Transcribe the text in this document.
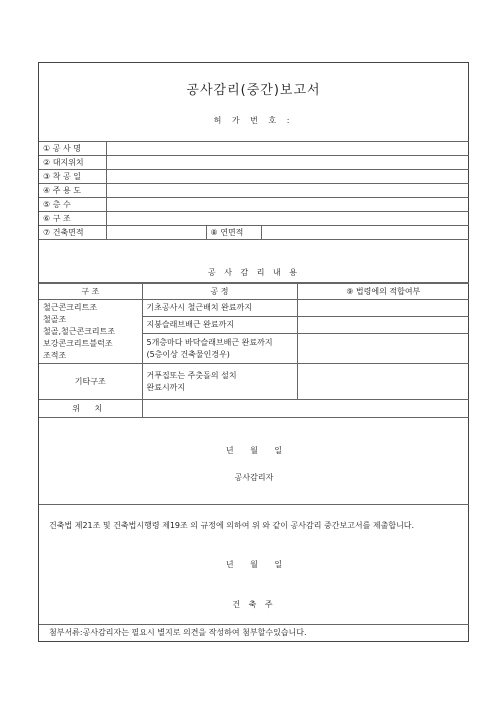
공사감리(중간)보고서
허 가 번 호 :
① 공 사 명			
② 대지위치			
③ 착 공 일			
④ 주 용 도			
⑤ 층 수			
⑥ 구 조			
⑦ 건축면적		⑧ 연면적	
공 사 감 리 내 용
구 조	공 정	⑨ 법령에의 적합여부

철근콘크리트조
철골조
철골,철근콘크리트조
보강콘크리트블럭조
조적조	기초공사시 철근배치 완료까지	
	지붕슬래브배근 완료까지	

	5개층마다 바닥슬래브배근 완료까지
(5층이상 건축물인경우)	

기타구조	거푸집또는 주춧돌의 설치
완료시까지	

위 치		
년 월 일
공사감리자
건축법 제21조 및 건축법시행령 제19조 의 규정에 의하여 위 와 같이 공사감리 중간보고서를 제출합니다.
년 월 일
건 축 주
첨부서류:공사감리자는 필요시 별지로 의견을 작성하여 첨부할수있습니다.
